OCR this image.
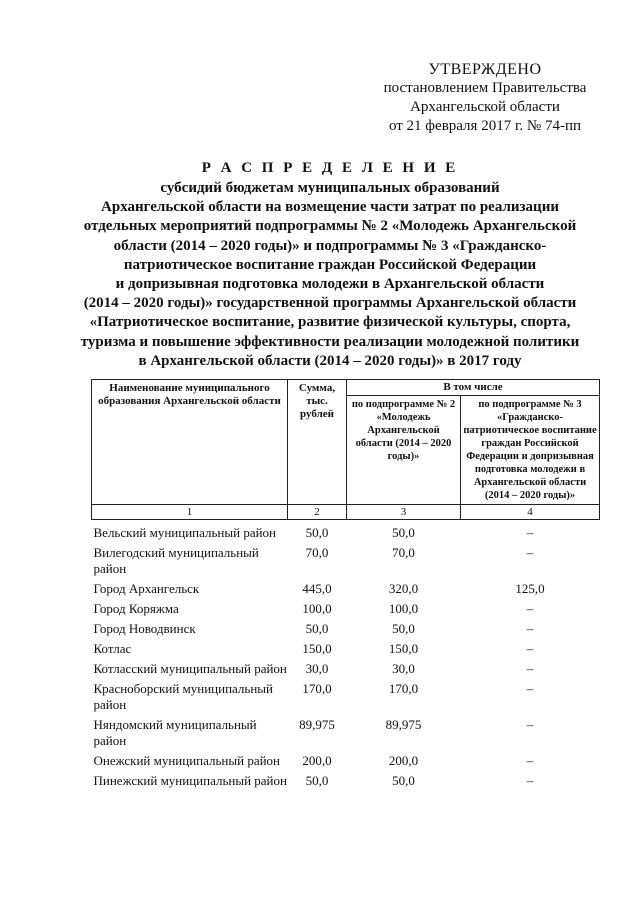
УТВЕРЖДЕНО
постановлением Правительства
Архангельской области
от 21 февраля 2017 г. № 74-пп
Р А С П Р Е Д Е Л Е Н И Е
субсидий бюджетам муниципальных образований
Архангельской области на возмещение части затрат по реализации
отдельных мероприятий подпрограммы № 2 «Молодежь Архангельской
области (2014 – 2020 годы)» и подпрограммы № 3 «Гражданско-
патриотическое воспитание граждан Российской Федерации
и допризывная подготовка молодежи в Архангельской области
(2014 – 2020 годы)» государственной программы Архангельской области
«Патриотическое воспитание, развитие физической культуры, спорта,
туризма и повышение эффективности реализации молодежной политики
в Архангельской области (2014 – 2020 годы)» в 2017 году
Наименование муниципального образования Архангельской области	Сумма, тыс. рублей	В том числе	
		по подпрограмме № 2 «Молодежь Архангельской области (2014 – 2020 годы)»	по подпрограмме № 3 «Гражданско-патриотическое воспитание граждан Российской Федерации и допризывная подготовка молодежи в Архангельской области (2014 – 2020 годы)»
1	2	3	4
Вельский муниципальный район	50,0	50,0	–
Вилегодский муниципальный район	70,0	70,0	–
Город Архангельск	445,0	320,0	125,0
Город Коряжма	100,0	100,0	–
Город Новодвинск	50,0	50,0	–
Котлас	150,0	150,0	–
Котласский муниципальный район	30,0	30,0	–
Красноборский муниципальный район	170,0	170,0	–
Няндомский муниципальный район	89,975	89,975	–
Онежский муниципальный район	200,0	200,0	–
Пинежский муниципальный район	50,0	50,0	–
